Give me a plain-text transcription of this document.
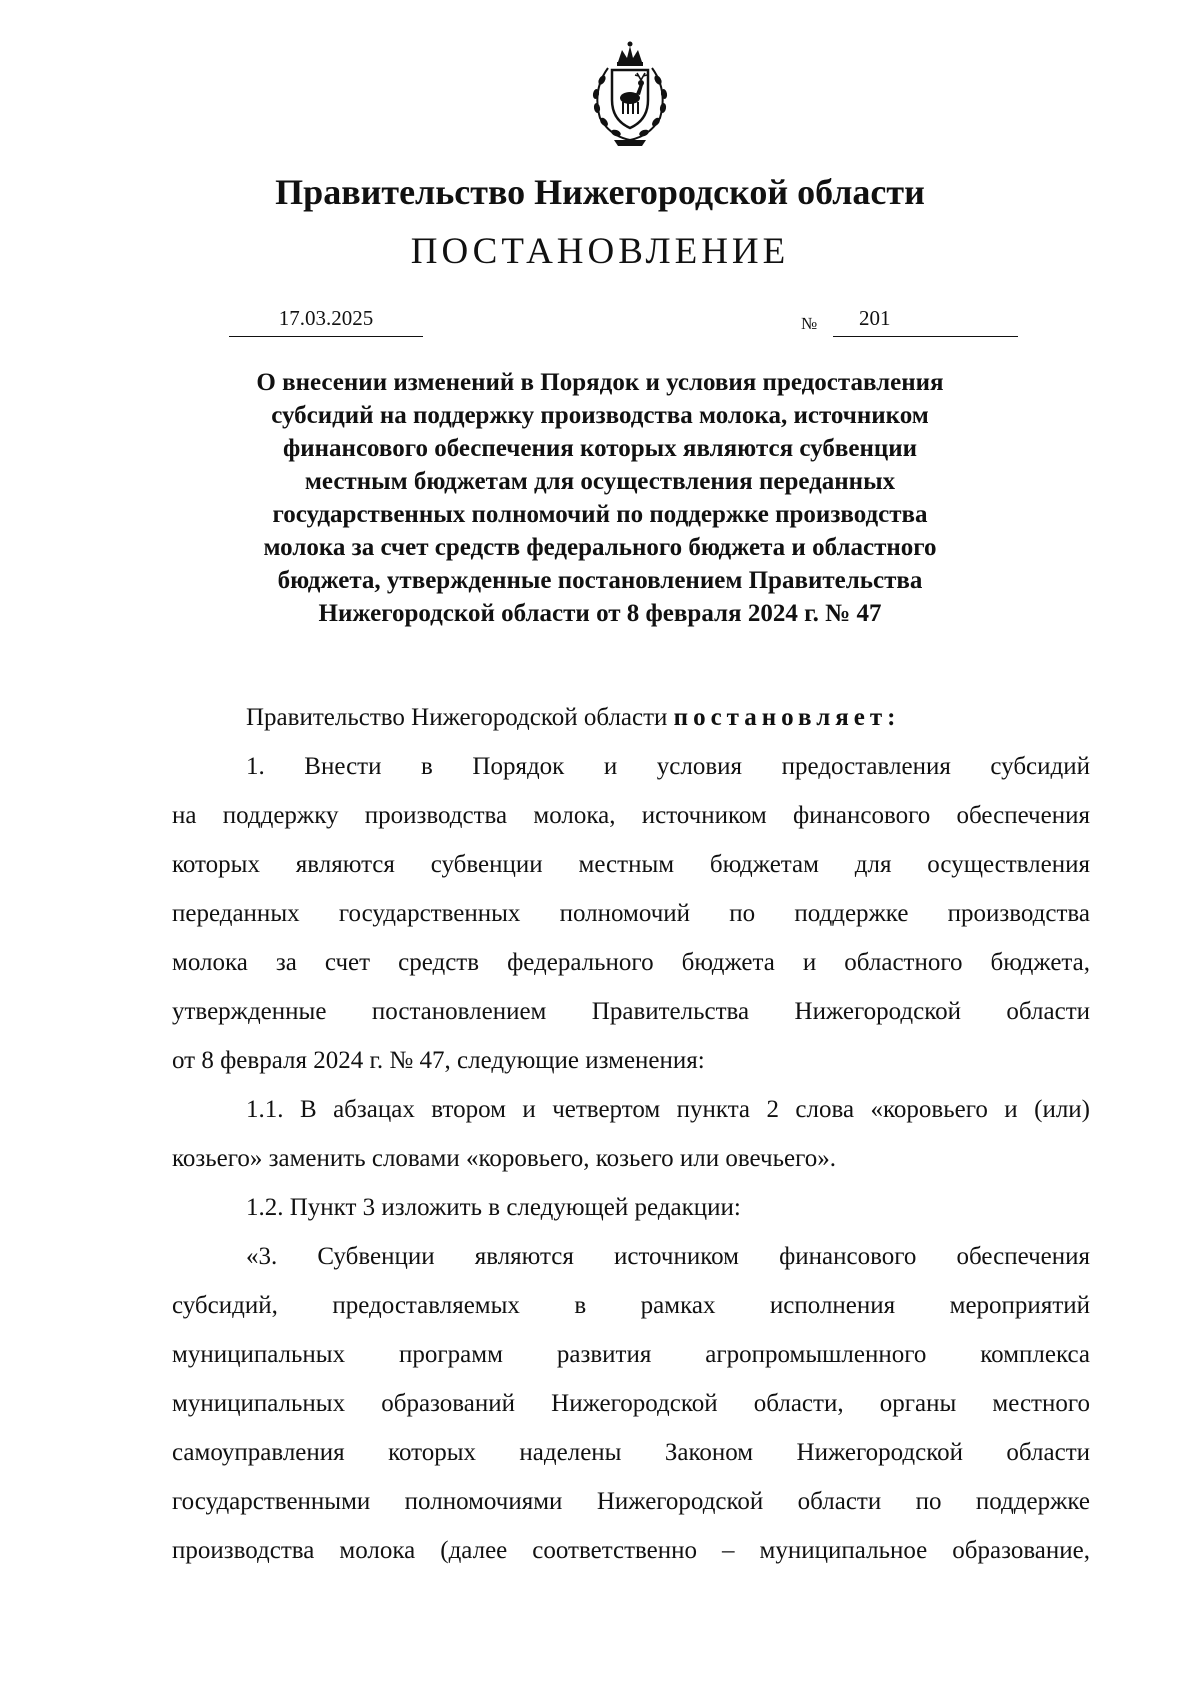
Правительство Нижегородской области
ПОСТАНОВЛЕНИЕ
17.03.2025	№ 201
О внесении изменений в Порядок и условия предоставления
субсидий на поддержку производства молока, источником
финансового обеспечения которых являются субвенции
местным бюджетам для осуществления переданных
государственных полномочий по поддержке производства
молока за счет средств федерального бюджета и областного
бюджета, утвержденные постановлением Правительства
Нижегородской области от 8 февраля 2024 г. № 47
Правительство Нижегородской области постановляет:
1. Внести в Порядок и условия предоставления субсидий
на поддержку производства молока, источником финансового обеспечения
которых являются субвенции местным бюджетам для осуществления
переданных государственных полномочий по поддержке производства
молока за счет средств федерального бюджета и областного бюджета,
утвержденные постановлением Правительства Нижегородской области
от 8 февраля 2024 г. № 47, следующие изменения:
1.1. В абзацах втором и четвертом пункта 2 слова «коровьего и (или)
козьего» заменить словами «коровьего, козьего или овечьего».
1.2. Пункт 3 изложить в следующей редакции:
«3. Субвенции являются источником финансового обеспечения
субсидий, предоставляемых в рамках исполнения мероприятий
муниципальных программ развития агропромышленного комплекса
муниципальных образований Нижегородской области, органы местного
самоуправления которых наделены Законом Нижегородской области
государственными полномочиями Нижегородской области по поддержке
производства молока (далее соответственно – муниципальное образование,
